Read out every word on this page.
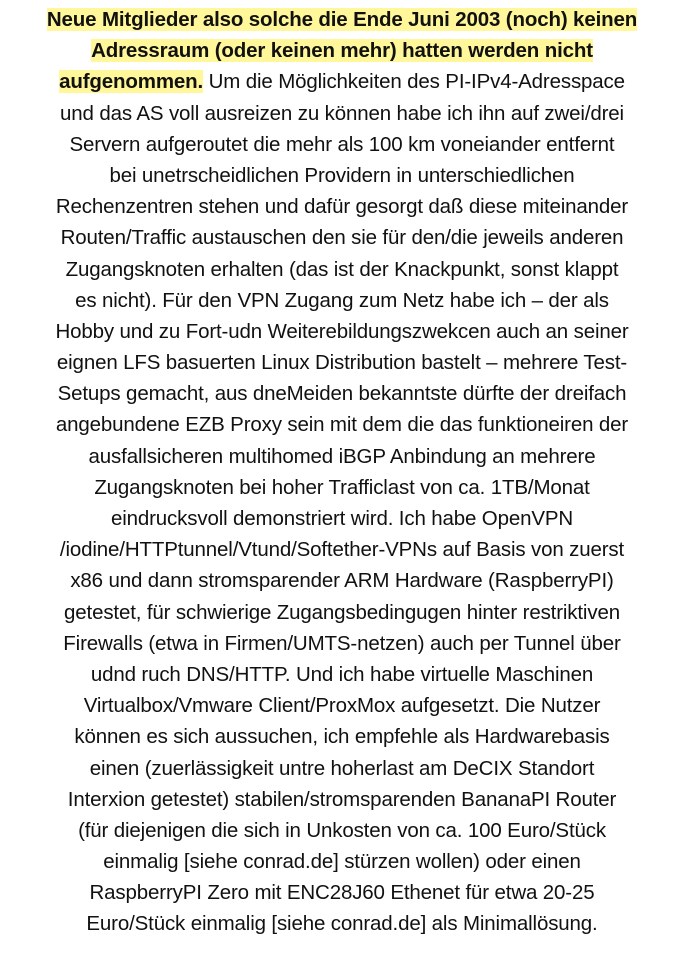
Neue Mitglieder also solche die Ende Juni 2003 (noch) keinen
Adressraum (oder keinen mehr) hatten werden nicht
aufgenommen. Um die Möglichkeiten des PI-IPv4-Adresspace
und das AS voll ausreizen zu können habe ich ihn auf zwei/drei
Servern aufgeroutet die mehr als 100 km voneiander entfernt
bei unetrscheidlichen Providern in unterschiedlichen
Rechenzentren stehen und dafür gesorgt daß diese miteinander
Routen/Traffic austauschen den sie für den/die jeweils anderen
Zugangsknoten erhalten (das ist der Knackpunkt, sonst klappt
es nicht). Für den VPN Zugang zum Netz habe ich – der als
Hobby und zu Fort-udn Weiterebildungszwekcen auch an seiner
eignen LFS basuerten Linux Distribution bastelt – mehrere Test-
Setups gemacht, aus dneMeiden bekanntste dürfte der dreifach
angebundene EZB Proxy sein mit dem die das funktioneiren der
ausfallsicheren multihomed iBGP Anbindung an mehrere
Zugangsknoten bei hoher Trafficlast von ca. 1TB/Monat
eindrucksvoll demonstriert wird. Ich habe OpenVPN
/iodine/HTTPtunnel/Vtund/Softether-VPNs auf Basis von zuerst
x86 und dann stromsparender ARM Hardware (RaspberryPI)
getestet, für schwierige Zugangsbedingugen hinter restriktiven
Firewalls (etwa in Firmen/UMTS-netzen) auch per Tunnel über
udnd ruch DNS/HTTP. Und ich habe virtuelle Maschinen
Virtualbox/Vmware Client/ProxMox aufgesetzt. Die Nutzer
können es sich aussuchen, ich empfehle als Hardwarebasis
einen (zuerlässigkeit untre hoherlast am DeCIX Standort
Interxion getestet) stabilen/stromsparenden BananaPI Router
(für diejenigen die sich in Unkosten von ca. 100 Euro/Stück
einmalig [siehe conrad.de] stürzen wollen) oder einen
RaspberryPI Zero mit ENC28J60 Ethenet für etwa 20-25
Euro/Stück einmalig [siehe conrad.de] als Minimallösung.
